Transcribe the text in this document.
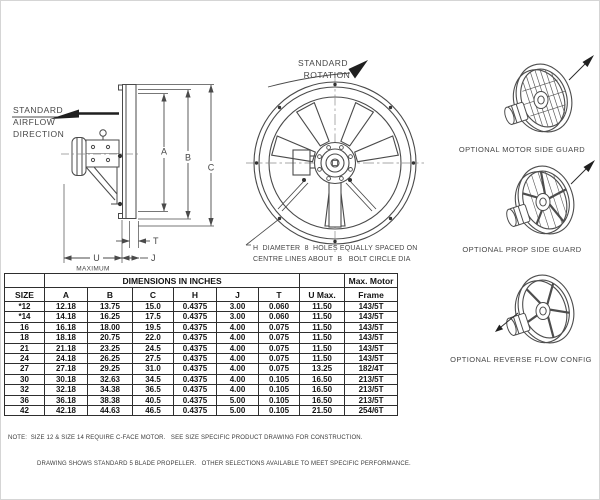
STANDARD
AIRFLOW
DIRECTION
A
B
C
T
U	J
MAXIMUM
STANDARD
ROTATION
H  DIAMETER  8  HOLES EQUALLY SPACED ON
CENTRE LINES ABOUT  B   BOLT CIRCLE DIA
OPTIONAL MOTOR SIDE GUARD
OPTIONAL PROP SIDE GUARD
OPTIONAL REVERSE FLOW CONFIG
	DIMENSIONS IN INCHES							Max. Motor
SIZE	A	B	C	H	J	T	U Max.	Frame
*12	12.18	13.75	15.0	0.4375	3.00	0.060	11.50	143/5T
*14	14.18	16.25	17.5	0.4375	3.00	0.060	11.50	143/5T
16	16.18	18.00	19.5	0.4375	4.00	0.075	11.50	143/5T
18	18.18	20.75	22.0	0.4375	4.00	0.075	11.50	143/5T
21	21.18	23.25	24.5	0.4375	4.00	0.075	11.50	143/5T
24	24.18	26.25	27.5	0.4375	4.00	0.075	11.50	143/5T
27	27.18	29.25	31.0	0.4375	4.00	0.075	13.25	182/4T
30	30.18	32.63	34.5	0.4375	4.00	0.105	16.50	213/5T
32	32.18	34.38	36.5	0.4375	4.00	0.105	16.50	213/5T
36	36.18	38.38	40.5	0.4375	5.00	0.105	16.50	213/5T
42	42.18	44.63	46.5	0.4375	5.00	0.105	21.50	254/6T

NOTE:  SIZE 12 & SIZE 14 REQUIRE C-FACE MOTOR.   SEE SIZE SPECIFIC PRODUCT DRAWING FOR CONSTRUCTION.

DRAWING SHOWS STANDARD 5 BLADE PROPELLER.   OTHER SELECTIONS AVAILABLE TO MEET SPECIFIC PERFORMANCE.
